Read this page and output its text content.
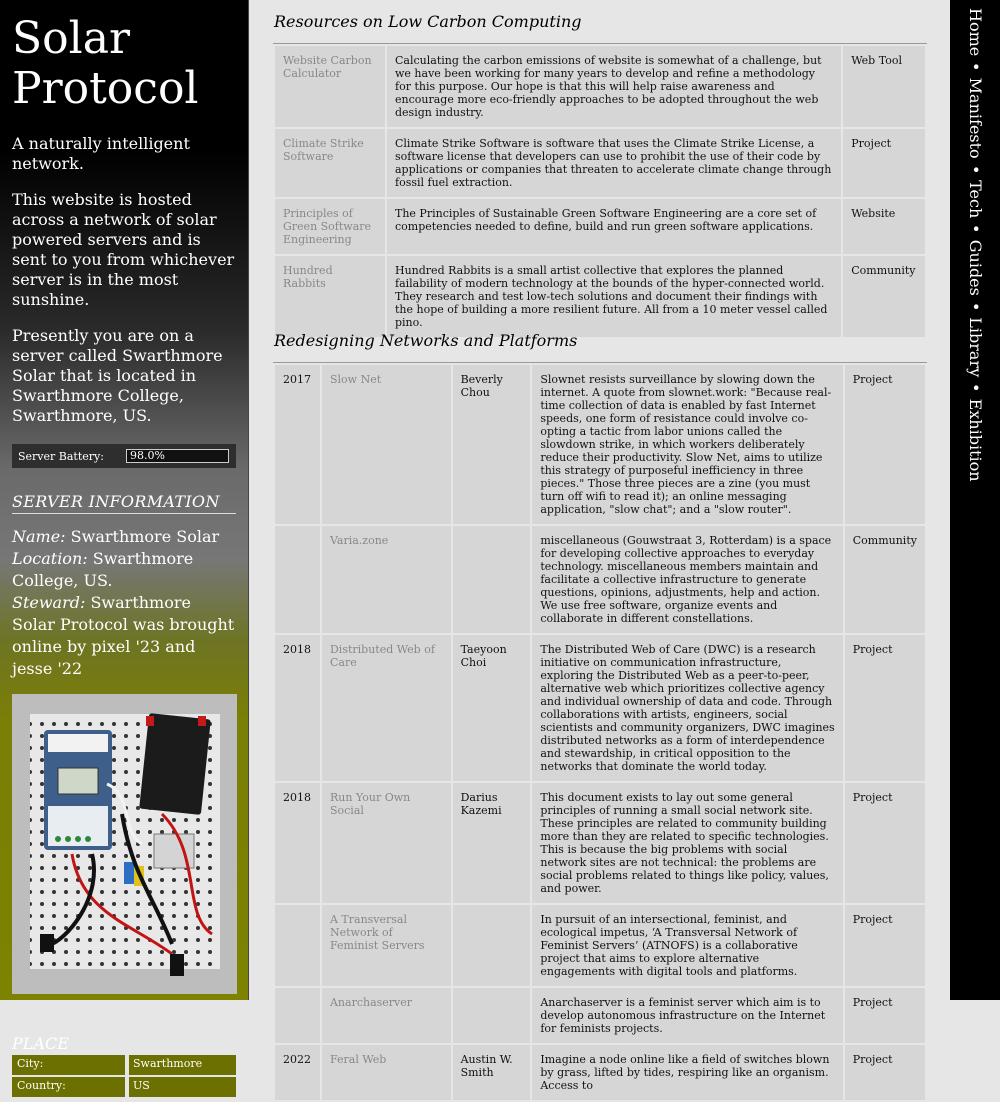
Solar Protocol

A naturally intelligent network.

This website is hosted across a network of solar powered servers and is sent to you from whichever server is in the most sunshine.

Presently you are on a server called Swarthmore Solar that is located in Swarthmore College, Swarthmore, US.

Server Battery:	98.0%
SERVER INFORMATION
Name: Swarthmore Solar
Location: Swarthmore College, US.
Steward: Swarthmore Solar Protocol was brought online by pixel '23 and jesse '22
PLACE
City:	Swarthmore
Country:	US
Resources on Low Carbon Computing
Website Carbon Calculator	Calculating the carbon emissions of website is somewhat of a challenge, but we have been working for many years to develop and refine a methodology for this purpose. Our hope is that this will help raise awareness and encourage more eco-friendly approaches to be adopted throughout the web design industry.	Web Tool
Climate Strike Software	Climate Strike Software is software that uses the Climate Strike License, a software license that developers can use to prohibit the use of their code by applications or companies that threaten to accelerate climate change through fossil fuel extraction.	Project
Principles of Green Software Engineering	The Principles of Sustainable Green Software Engineering are a core set of competencies needed to define, build and run green software applications.	Website
Hundred Rabbits	Hundred Rabbits is a small artist collective that explores the planned failability of modern technology at the bounds of the hyper-connected world. They research and test low-tech solutions and document their findings with the hope of building a more resilient future. All from a 10 meter vessel called pino.	Community
Redesigning Networks and Platforms
2017	Slow Net	Beverly Chou	Slownet resists surveillance by slowing down the internet. A quote from slownet.work: "Because real-time collection of data is enabled by fast Internet speeds, one form of resistance could involve co-opting a tactic from labor unions called the slowdown strike, in which workers deliberately reduce their productivity. Slow Net, aims to utilize this strategy of purposeful inefficiency in three pieces." Those three pieces are a zine (you must turn off wifi to read it); an online messaging application, "slow chat"; and a "slow router".	Project
	Varia.zone		miscellaneous (Gouwstraat 3, Rotterdam) is a space for developing collective approaches to everyday technology. miscellaneous members maintain and facilitate a collective infrastructure to generate questions, opinions, adjustments, help and action. We use free software, organize events and collaborate in different constellations.	Community
2018	Distributed Web of Care	Taeyoon Choi	The Distributed Web of Care (DWC) is a research initiative on communication infrastructure, exploring the Distributed Web as a peer-to-peer, alternative web which prioritizes collective agency and individual ownership of data and code. Through collaborations with artists, engineers, social scientists and community organizers, DWC imagines distributed networks as a form of interdependence and stewardship, in critical opposition to the networks that dominate the world today.	Project
2018	Run Your Own Social	Darius Kazemi	This document exists to lay out some general principles of running a small social network site. These principles are related to community building more than they are related to specific technologies. This is because the big problems with social network sites are not technical: the problems are social problems related to things like policy, values, and power.	Project
	A Transversal Network of Feminist Servers		In pursuit of an intersectional, feminist, and ecological impetus, ‘A Transversal Network of Feminist Servers’ (ATNOFS) is a collaborative project that aims to explore alternative engagements with digital tools and platforms.	Project
	Anarchaserver		Anarchaserver is a feminist server which aim is to develop autonomous infrastructure on the Internet for feminists projects.	Project
2022	Feral Web	Austin W. Smith	Imagine a node online like a field of switches blown by grass, lifted by tides, respiring like an organism. Access to	Project
Home•Manifesto•Tech•Guides•Library•Exhibition
